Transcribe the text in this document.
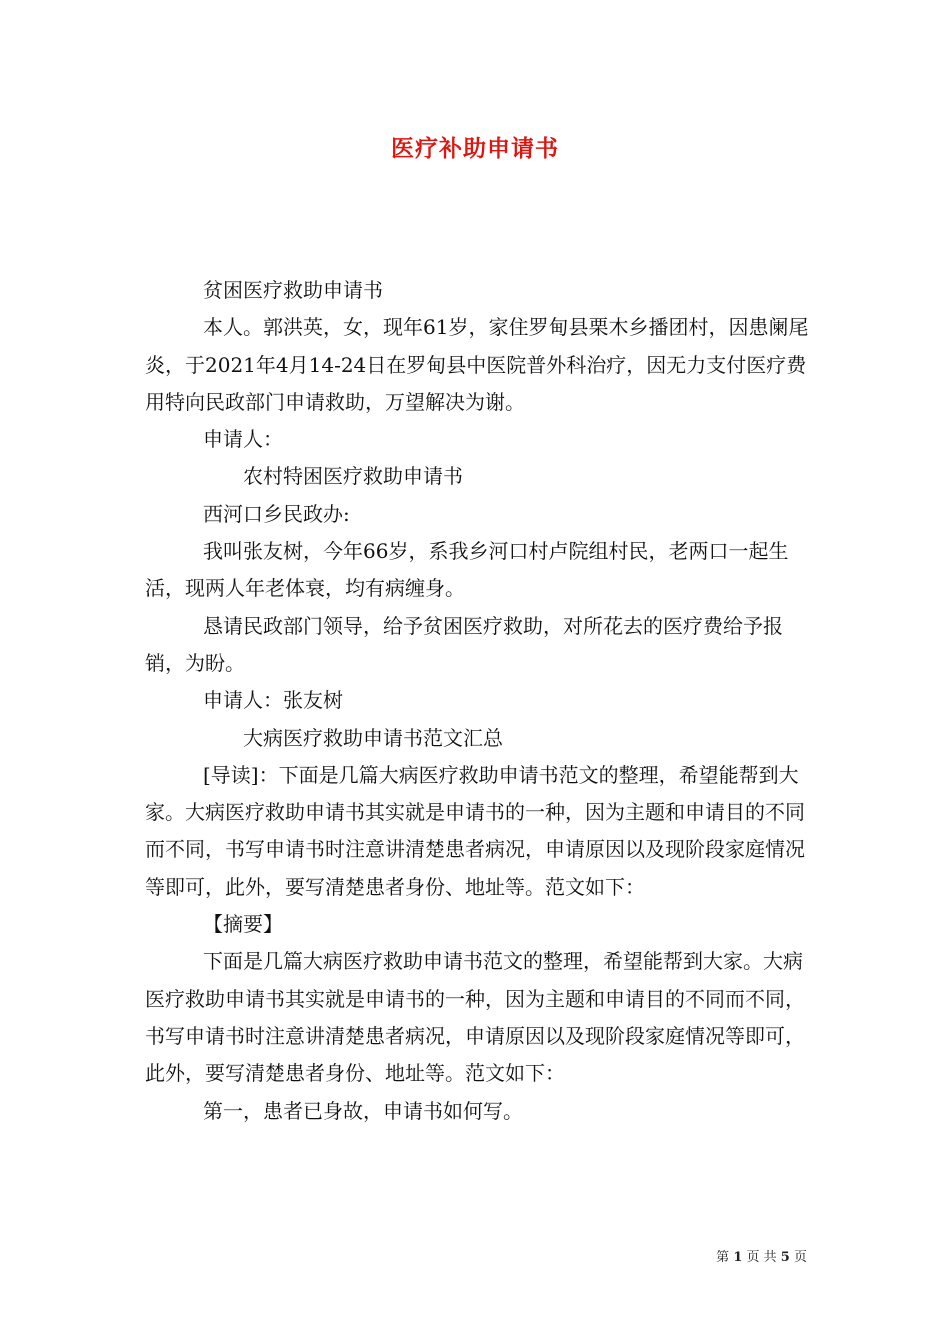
医疗补助申请书

贫困医疗救助申请书

本人。郭洪英，女，现年61岁，家住罗甸县栗木乡播团村，因患阑尾炎，于2021年4月14-24日在罗甸县中医院普外科治疗，因无力支付医疗费用特向民政部门申请救助，万望解决为谢。

申请人：

农村特困医疗救助申请书

西河口乡民政办:

我叫张友树，今年66岁，系我乡河口村卢院组村民，老两口一起生活，现两人年老体衰，均有病缠身。

恳请民政部门领导，给予贫困医疗救助，对所花去的医疗费给予报销，为盼。

申请人：张友树

大病医疗救助申请书范文汇总

[导读]：下面是几篇大病医疗救助申请书范文的整理，希望能帮到大家。大病医疗救助申请书其实就是申请书的一种，因为主题和申请目的不同而不同，书写申请书时注意讲清楚患者病况，申请原因以及现阶段家庭情况等即可，此外，要写清楚患者身份、地址等。范文如下：

【摘要】

下面是几篇大病医疗救助申请书范文的整理，希望能帮到大家。大病医疗救助申请书其实就是申请书的一种，因为主题和申请目的不同而不同，书写申请书时注意讲清楚患者病况，申请原因以及现阶段家庭情况等即可，此外，要写清楚患者身份、地址等。范文如下：

第一，患者已身故，申请书如何写。

第 1 页 共 5 页
